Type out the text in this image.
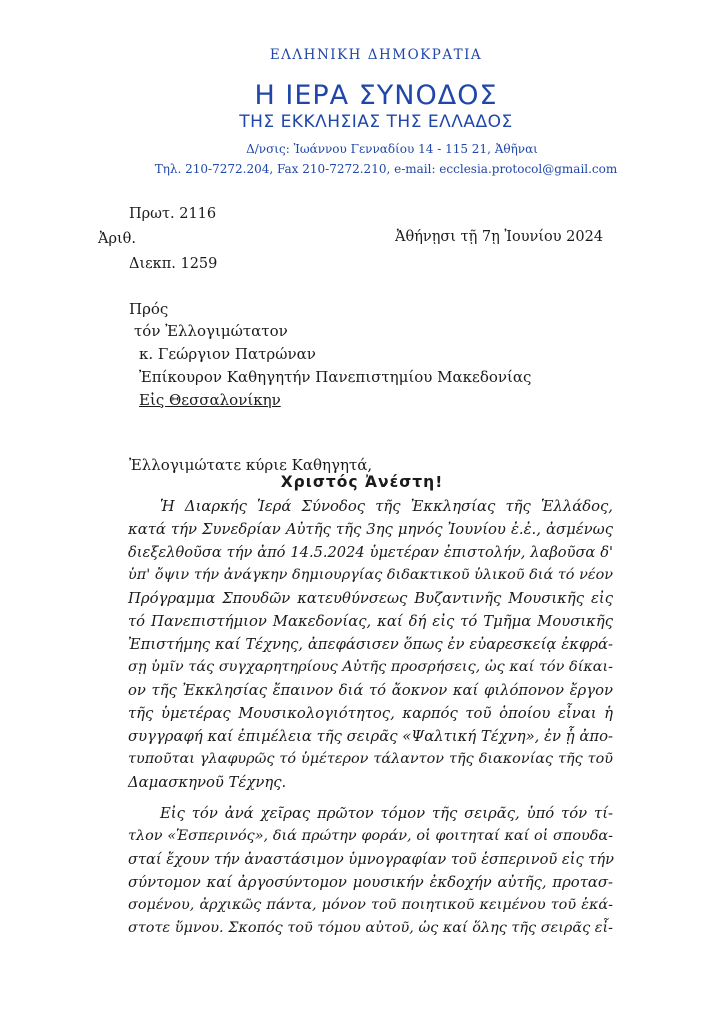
ΕΛΛΗΝΙΚΗ ΔΗΜΟΚΡΑΤΙΑ
Η ΙΕΡΑ ΣΥΝΟΔΟΣ
ΤΗΣ ΕΚΚΛΗΣΙΑΣ ΤΗΣ ΕΛΛΑΔΟΣ
Δ/νσις: Ἰωάννου Γενναδίου 14 - 115 21, Ἀθῆναι
Τηλ. 210-7272.204, Fax 210-7272.210, e-mail: ecclesia.protocol@gmail.com
Πρωτ. 2116
Ἀριθ.
Διεκπ. 1259
Ἀθήνῃσι τῇ 7ῃ Ἰουνίου 2024
Πρός
τόν Ἐλλογιμώτατον
κ. Γεώργιον Πατρώναν
Ἐπίκουρον Καθηγητήν Πανεπιστημίου Μακεδονίας
Εἰς Θεσσαλονίκην
Ἐλλογιμώτατε κύριε Καθηγητά,
Χριστός Ἀνέστη!
Ἡ Διαρκής Ἱερά Σύνοδος τῆς Ἐκκλησίας τῆς Ἑλλάδος,
κατά τήν Συνεδρίαν Αὐτῆς τῆς 3ης μηνός Ἰουνίου ἐ.ἐ., ἀσμένως
διεξελθοῦσα τήν ἀπό 14.5.2024 ὑμετέραν ἐπιστολήν, λαβοῦσα δ'
ὑπ' ὄψιν τήν ἀνάγκην δημιουργίας διδακτικοῦ ὑλικοῦ διά τό νέον
Πρόγραμμα Σπουδῶν κατευθύνσεως Βυζαντινῆς Μουσικῆς εἰς
τό Πανεπιστήμιον Μακεδονίας, καί δή εἰς τό Τμῆμα Μουσικῆς
Ἐπιστήμης καί Τέχνης, ἀπεφάσισεν ὅπως ἐν εὐαρεσκείᾳ ἐκφρά-
σῃ ὑμῖν τάς συγχαρητηρίους Αὐτῆς προσρήσεις, ὡς καί τόν δίκαι-
ον τῆς Ἐκκλησίας ἔπαινον διά τό ἄοκνον καί φιλόπονον ἔργον
τῆς ὑμετέρας Μουσικολογιότητος, καρπός τοῦ ὁποίου εἶναι ἡ
συγγραφή καί ἐπιμέλεια τῆς σειρᾶς «Ψαλτική Τέχνη», ἐν ᾗ ἀπο-
τυποῦται γλαφυρῶς τό ὑμέτερον τάλαντον τῆς διακονίας τῆς τοῦ
Δαμασκηνοῦ Τέχνης.
Εἰς τόν ἀνά χεῖρας πρῶτον τόμον τῆς σειρᾶς, ὑπό τόν τί-
τλον «Ἑσπερινός», διά πρώτην φοράν, οἱ φοιτηταί καί οἱ σπουδα-
σταί ἔχουν τήν ἀναστάσιμον ὑμνογραφίαν τοῦ ἑσπερινοῦ εἰς τήν
σύντομον καί ἀργοσύντομον μουσικήν ἐκδοχήν αὐτῆς, προτασ-
σομένου, ἀρχικῶς πάντα, μόνον τοῦ ποιητικοῦ κειμένου τοῦ ἑκά-
στοτε ὕμνου. Σκοπός τοῦ τόμου αὐτοῦ, ὡς καί ὅλης τῆς σειρᾶς εἶ-
